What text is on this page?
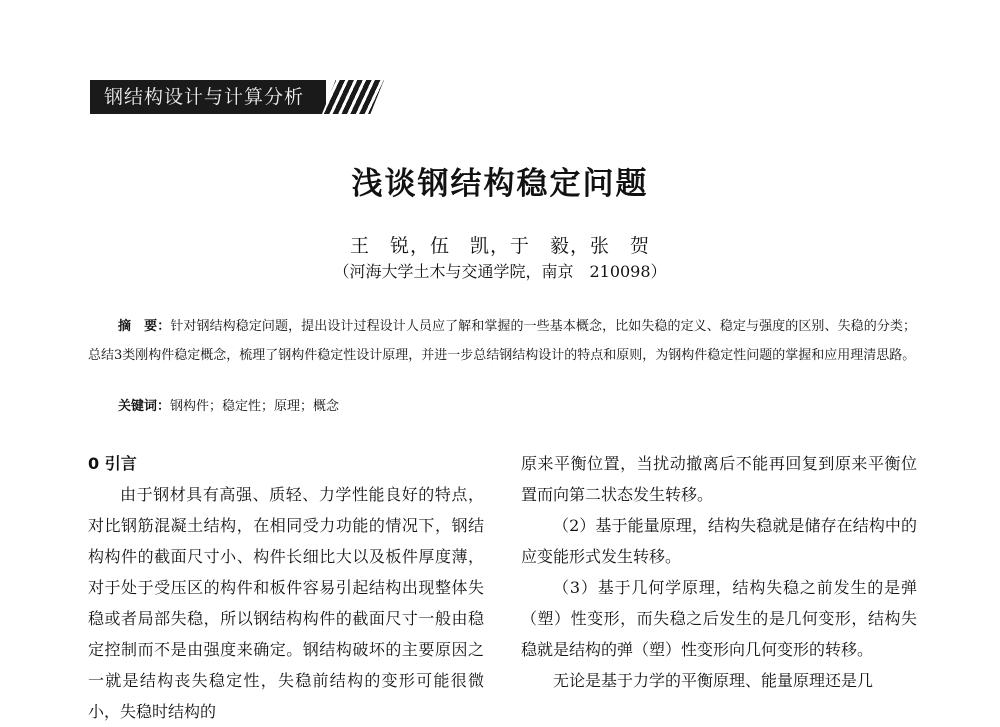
钢结构设计与计算分析
浅谈钢结构稳定问题
王　锐，伍　凯，于　毅，张　贺
（河海大学土木与交通学院，南京　210098）
摘　要：针对钢结构稳定问题，提出设计过程设计人员应了解和掌握的一些基本概念，比如失稳的定义、稳定与强度的区别、失稳的分类；总结3类刚构件稳定概念，梳理了钢构件稳定性设计原理，并进一步总结钢结构设计的特点和原则，为钢构件稳定性问题的掌握和应用理清思路。
关键词：钢构件；稳定性；原理；概念

0 引言

由于钢材具有高强、质轻、力学性能良好的特点，对比钢筋混凝土结构，在相同受力功能的情况下，钢结构构件的截面尺寸小、构件长细比大以及板件厚度薄，对于处于受压区的构件和板件容易引起结构出现整体失稳或者局部失稳，所以钢结构构件的截面尺寸一般由稳定控制而不是由强度来确定。钢结构破坏的主要原因之一就是结构丧失稳定性，失稳前结构的变形可能很微小，失稳时结构的

原来平衡位置，当扰动撤离后不能再回复到原来平衡位置而向第二状态发生转移。

（2）基于能量原理，结构失稳就是储存在结构中的应变能形式发生转移。

（3）基于几何学原理，结构失稳之前发生的是弹（塑）性变形，而失稳之后发生的是几何变形，结构失稳就是结构的弹（塑）性变形向几何变形的转移。

无论是基于力学的平衡原理、能量原理还是几
